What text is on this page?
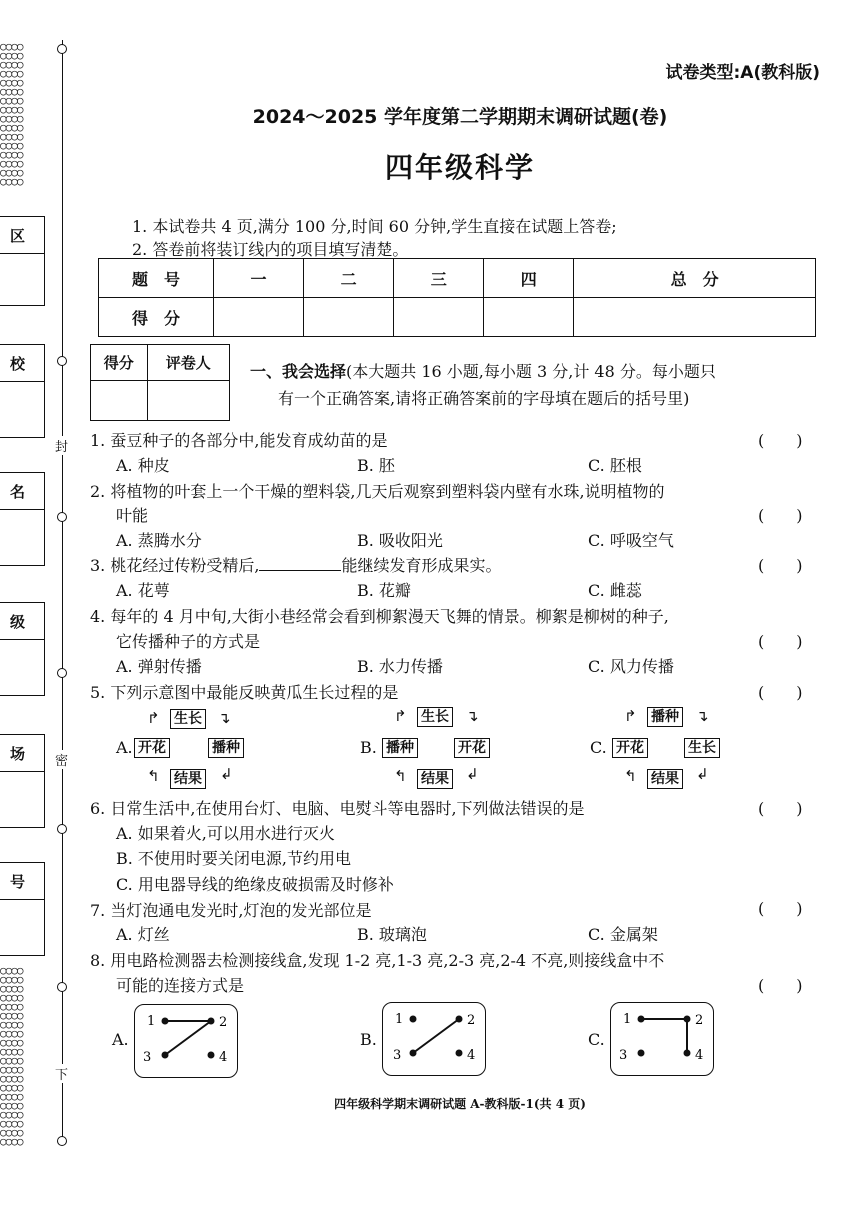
○○○○
○○○○
○○○○
○○○○
○○○○
○○○○
○○○○
○○○○
○○○○
○○○○
○○○○
○○○○
○○○○
○○○○
○○○○
○○○○
○○○○
○○○○
○○○○
○○○○
○○○○
○○○○
○○○○
○○○○
○○○○
○○○○
○○○○
○○○○
○○○○
○○○○
○○○○
○○○○
○○○○
○○○○
○○○○
○○○○
区
校
名
级
场
号
封
密
下
试卷类型:A(教科版)
2024～2025 学年度第二学期期末调研试题(卷)
四年级科学
1. 本试卷共 4 页,满分 100 分,时间 60 分钟,学生直接在试题上答卷;
2. 答卷前将装订线内的项目填写清楚。
题　号	一	二	三	四	总　分
得　分					
得分	评卷人
	一、我会选择(本大题共 16 小题,每小题 3 分,计 48 分。每小题只
有一个正确答案,请将正确答案前的字母填在题后的括号里)
1. 蚕豆种子的各部分中,能发育成幼苗的是	(　　)
A. 种皮	B. 胚	C. 胚根
2. 将植物的叶套上一个干燥的塑料袋,几天后观察到塑料袋内壁有水珠,说明植物的
叶能	(　　)
A. 蒸腾水分	B. 吸收阳光	C. 呼吸空气
3. 桃花经过传粉受精后,	能继续发育形成果实。	(　　)
A. 花萼	B. 花瓣	C. 雌蕊
4. 每年的 4 月中旬,大街小巷经常会看到柳絮漫天飞舞的情景。柳絮是柳树的种子,
它传播种子的方式是	(　　)
A. 弹射传播	B. 水力传播	C. 风力传播
5. 下列示意图中最能反映黄瓜生长过程的是	(　　)
A.
↱ 生长 ↴
开花	播种
↰ 结果 ↲
B.
↱ 生长 ↴
播种	开花
↰ 结果 ↲
C.
↱ 播种 ↴
开花	生长
↰ 结果 ↲
6. 日常生活中,在使用台灯、电脑、电熨斗等电器时,下列做法错误的是	(　　)
A. 如果着火,可以用水进行灭火
B. 不使用时要关闭电源,节约用电
C. 用电器导线的绝缘皮破损需及时修补
7. 当灯泡通电发光时,灯泡的发光部位是	(　　)
A. 灯丝	B. 玻璃泡	C. 金属架
8. 用电路检测器去检测接线盒,发现 1-2 亮,1-3 亮,2-3 亮,2-4 不亮,则接线盒中不
可能的连接方式是	(　　)
A.
1	2
3	4
B.
1	2
3	4
C.
1	2
3	4
四年级科学期末调研试题 A-教科版-1(共 4 页)
